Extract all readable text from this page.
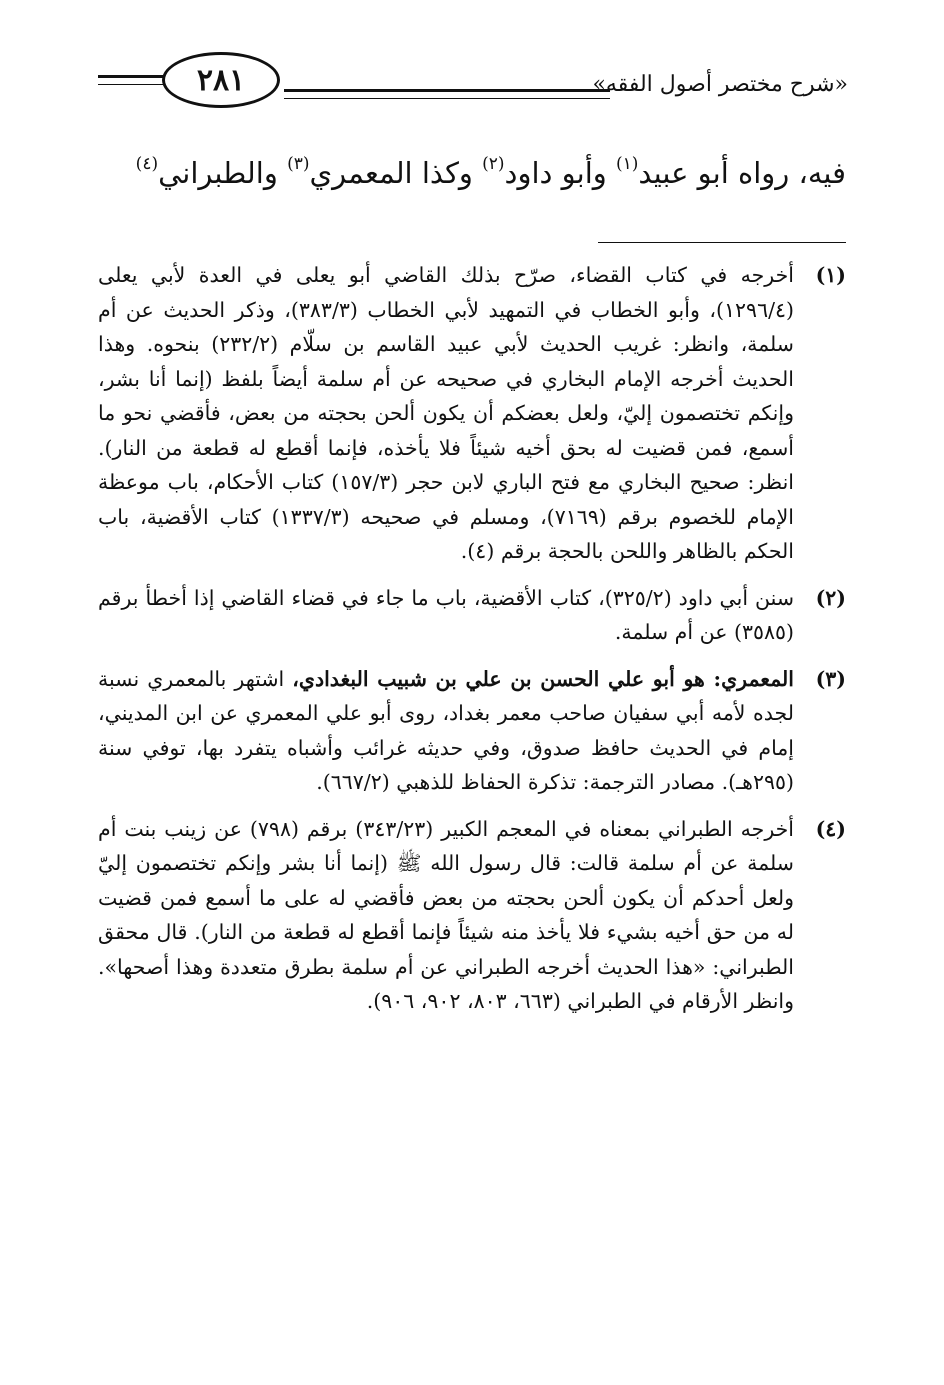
«شرح مختصر أصول الفقه»
٢٨١
فيه، رواه أبو عبيد$^{(١)}$ وأبو داود$^{(٢)}$ وكذا المعمري$^{(٣)}$ والطبراني$^{(٤)}$
(١)
أخرجه في كتاب القضاء، صرّح بذلك القاضي أبو يعلى في العدة لأبي يعلى (١٢٩٦/٤)، وأبو الخطاب في التمهيد لأبي الخطاب (٣٨٣/٣)، وذكر الحديث عن أم سلمة، وانظر: غريب الحديث لأبي عبيد القاسم بن سلّام (٢٣٢/٢) بنحوه. وهذا الحديث أخرجه الإمام البخاري في صحيحه عن أم سلمة أيضاً بلفظ (إنما أنا بشر، وإنكم تختصمون إليّ، ولعل بعضكم أن يكون ألحن بحجته من بعض، فأقضي نحو ما أسمع، فمن قضيت له بحق أخيه شيئاً فلا يأخذه، فإنما أقطع له قطعة من النار). انظر: صحيح البخاري مع فتح الباري لابن حجر (١٥٧/٣) كتاب الأحكام، باب موعظة الإمام للخصوم برقم (٧١٦٩)، ومسلم في صحيحه (١٣٣٧/٣) كتاب الأقضية، باب الحكم بالظاهر واللحن بالحجة برقم (٤).
(٢)
سنن أبي داود (٣٢٥/٢)، كتاب الأقضية، باب ما جاء في قضاء القاضي إذا أخطأ برقم (٣٥٨٥) عن أم سلمة.
(٣)
المعمري: هو أبو علي الحسن بن علي بن شبيب البغدادي، اشتهر بالمعمري نسبة لجده لأمه أبي سفيان صاحب معمر بغداد، روى أبو علي المعمري عن ابن المديني، إمام في الحديث حافظ صدوق، وفي حديثه غرائب وأشباه يتفرد بها، توفي سنة (٢٩٥هـ). مصادر الترجمة: تذكرة الحفاظ للذهبي (٦٦٧/٢).
(٤)
أخرجه الطبراني بمعناه في المعجم الكبير (٣٤٣/٢٣) برقم (٧٩٨) عن زينب بنت أم سلمة عن أم سلمة قالت: قال رسول الله ﷺ (إنما أنا بشر وإنكم تختصمون إليّ ولعل أحدكم أن يكون ألحن بحجته من بعض فأقضي له على ما أسمع فمن قضيت له من حق أخيه بشيء فلا يأخذ منه شيئاً فإنما أقطع له قطعة من النار). قال محقق الطبراني: «هذا الحديث أخرجه الطبراني عن أم سلمة بطرق متعددة وهذا أصحها». وانظر الأرقام في الطبراني (٦٦٣، ٨٠٣، ٩٠٢، ٩٠٦).
